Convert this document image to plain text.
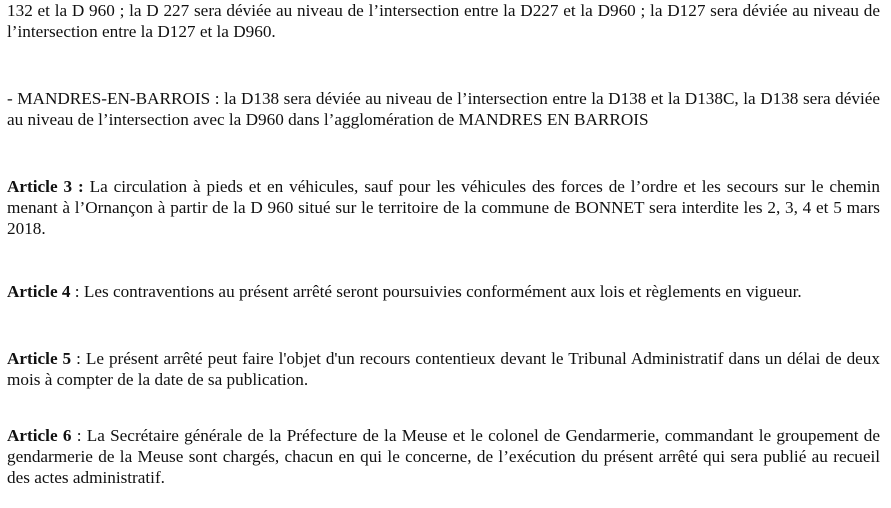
132 et la D 960 ; la D 227 sera déviée au niveau de l’intersection entre la D227 et la D960 ; la D127 sera déviée au niveau de l’intersection entre la D127 et la D960.

- MANDRES-EN-BARROIS : la D138 sera déviée au niveau de l’intersection entre la D138 et la D138C, la D138 sera déviée au niveau de l’intersection avec la D960 dans l’agglomération de MANDRES EN BARROIS

Article 3 : La circulation à pieds et en véhicules, sauf pour les véhicules des forces de l’ordre et les secours sur le chemin menant à l’Ornançon à partir de la D 960 situé sur le territoire de la commune de BONNET sera interdite les 2, 3, 4 et 5 mars 2018.

Article 4 : Les contraventions au présent arrêté seront poursuivies conformément aux lois et règlements en vigueur.

Article 5 : Le présent arrêté peut faire l'objet d'un recours contentieux devant le Tribunal Administratif dans un délai de deux mois à compter de la date de sa publication.

Article 6 : La Secrétaire générale de la Préfecture de la Meuse et le colonel de Gendarmerie, commandant le groupement de gendarmerie de la Meuse sont chargés, chacun en qui le concerne, de l’exécution du présent arrêté qui sera publié au recueil des actes administratif.
